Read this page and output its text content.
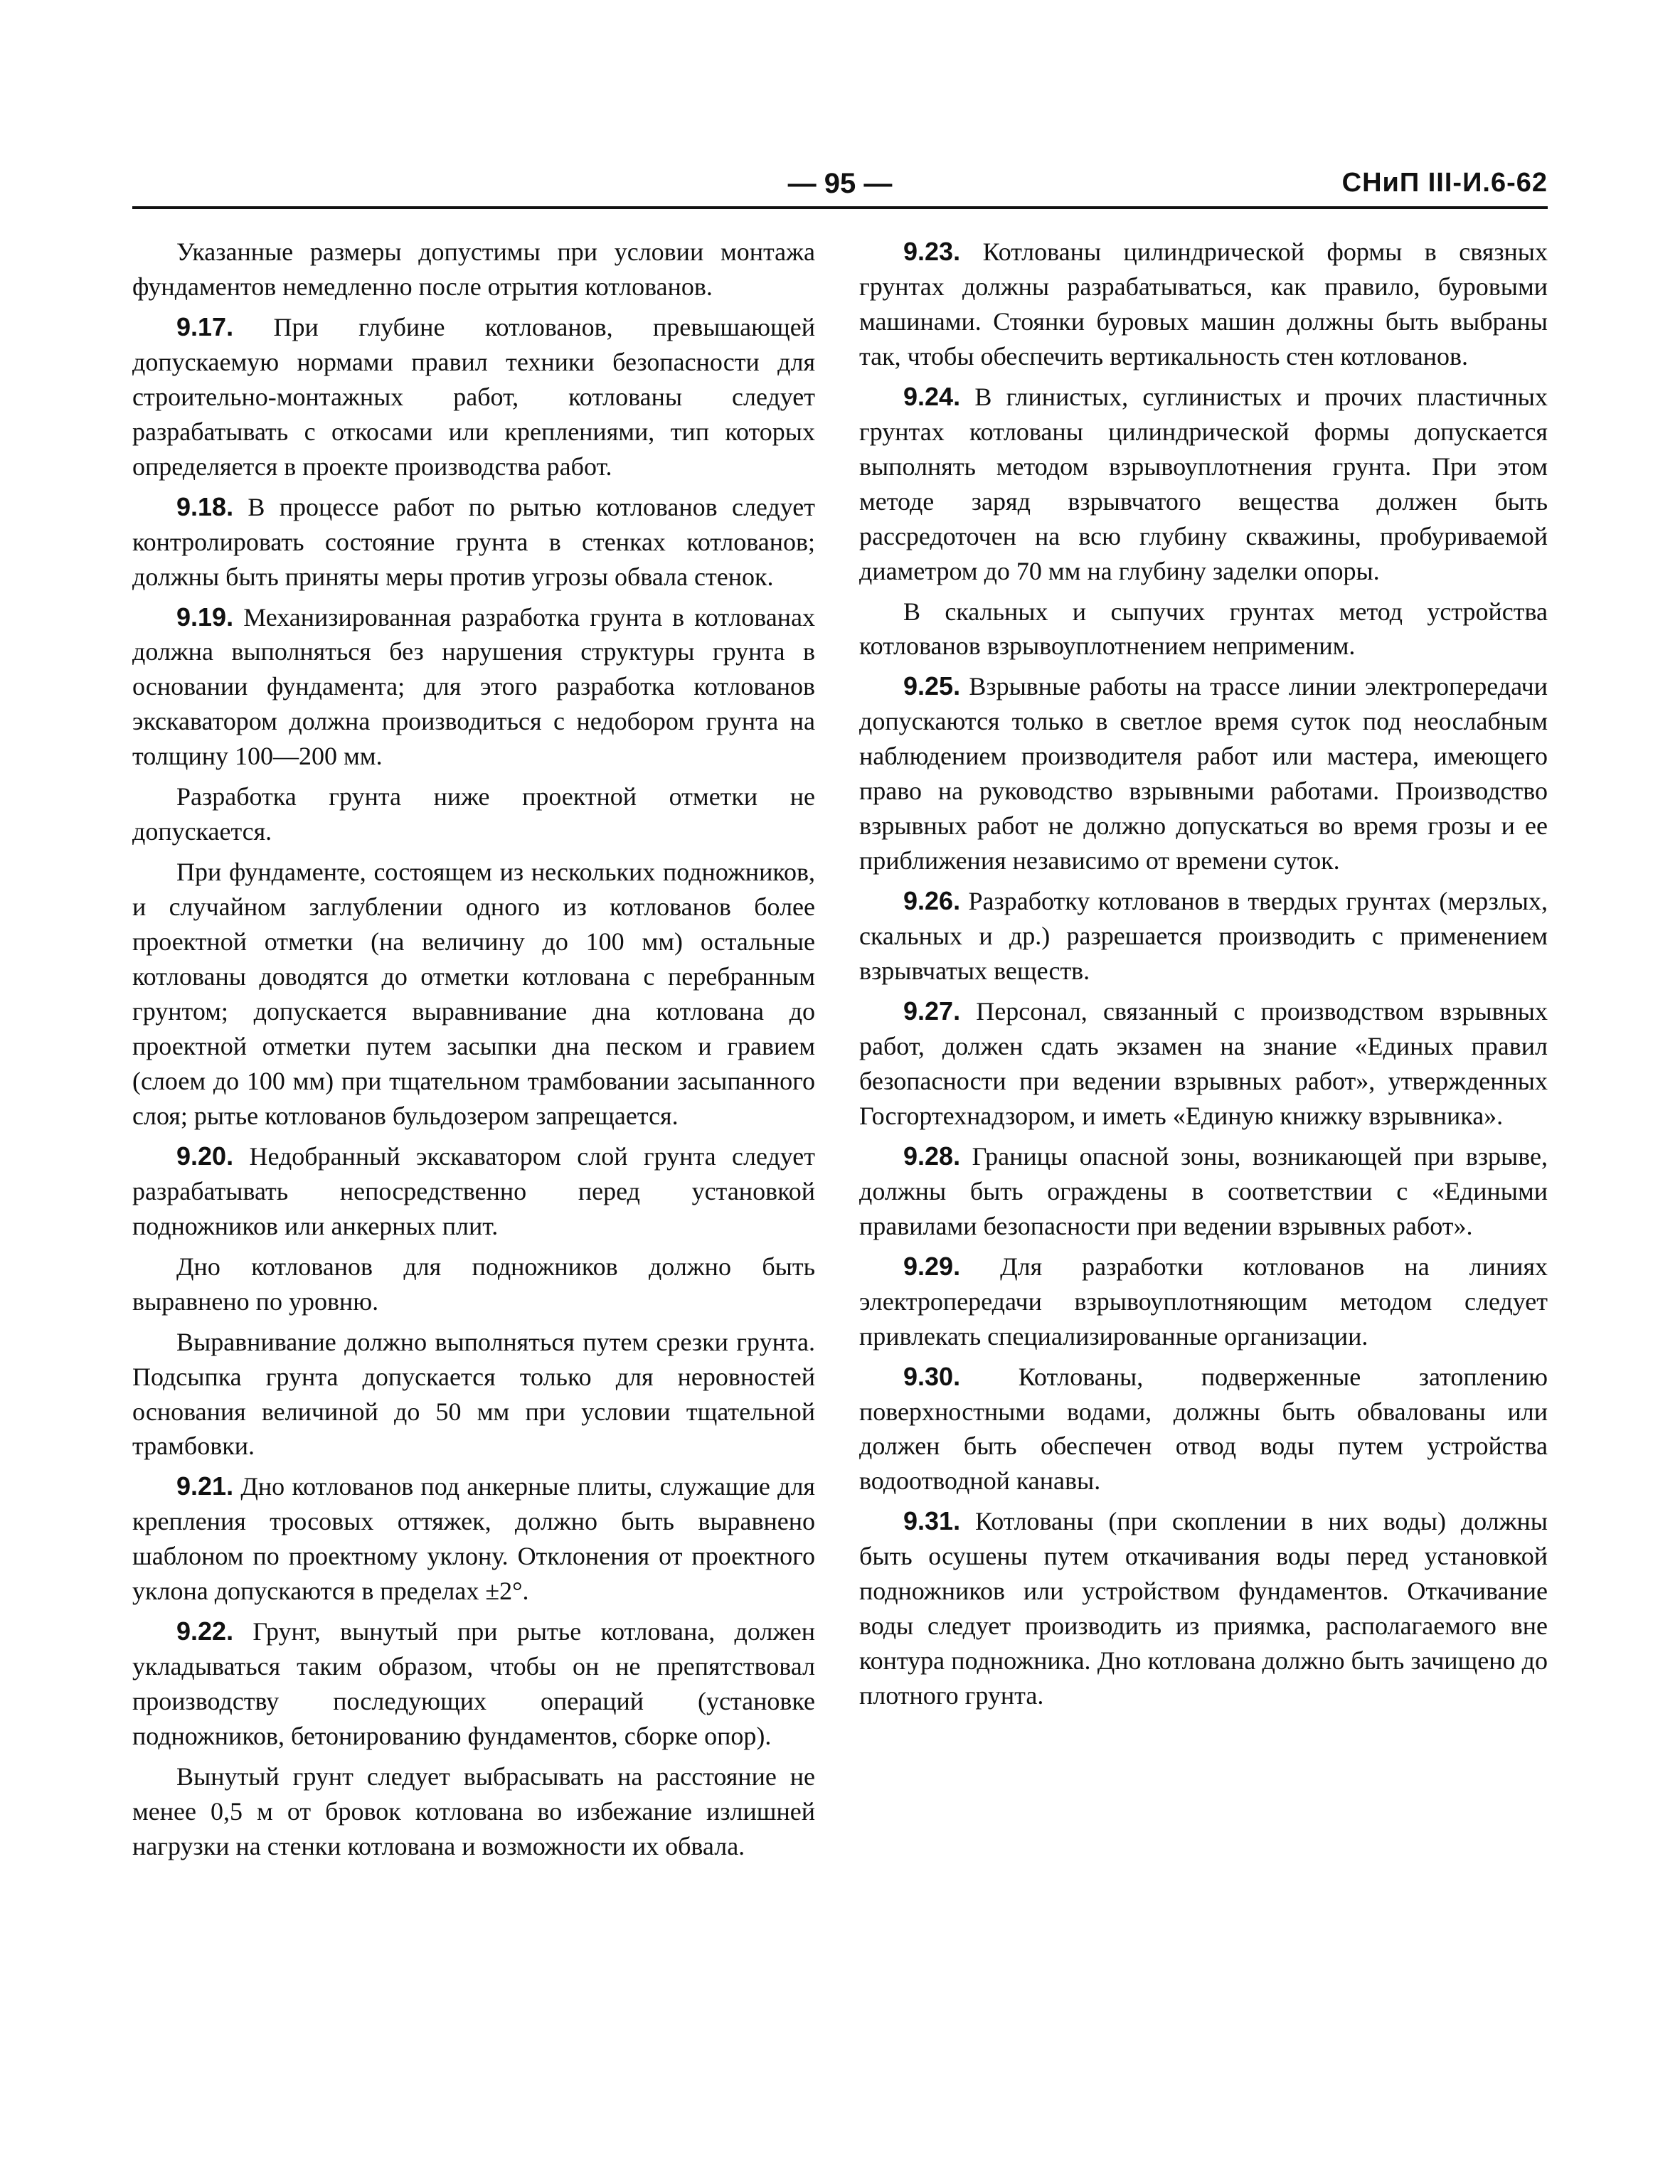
— 95 —	СНиП III-И.6-62

Указанные размеры допустимы при условии монтажа фундаментов немедленно после отрытия котлованов.

9.17. При глубине котлованов, превышающей допускаемую нормами правил техники безопасности для строительно-монтажных работ, котлованы следует разрабатывать с откосами или креплениями, тип которых определяется в проекте производства работ.

9.18. В процессе работ по рытью котлованов следует контролировать состояние грунта в стенках котлованов; должны быть приняты меры против угрозы обвала стенок.

9.19. Механизированная разработка грунта в котлованах должна выполняться без нарушения структуры грунта в основании фундамента; для этого разработка котлованов экскаватором должна производиться с недобором грунта на толщину 100—200 мм.

Разработка грунта ниже проектной отметки не допускается.

При фундаменте, состоящем из нескольких подножников, и случайном заглублении одного из котлованов более проектной отметки (на величину до 100 мм) остальные котлованы доводятся до отметки котлована с перебранным грунтом; допускается выравнивание дна котлована до проектной отметки путем засыпки дна песком и гравием (слоем до 100 мм) при тщательном трамбовании засыпанного слоя; рытье котлованов бульдозером запрещается.

9.20. Недобранный экскаватором слой грунта следует разрабатывать непосредственно перед установкой подножников или анкерных плит.

Дно котлованов для подножников должно быть выравнено по уровню.

Выравнивание должно выполняться путем срезки грунта. Подсыпка грунта допускается только для неровностей основания величиной до 50 мм при условии тщательной трамбовки.

9.21. Дно котлованов под анкерные плиты, служащие для крепления тросовых оттяжек, должно быть выравнено шаблоном по проектному уклону. Отклонения от проектного уклона допускаются в пределах ±2°.

9.22. Грунт, вынутый при рытье котлована, должен укладываться таким образом, чтобы он не препятствовал производству последующих операций (установке подножников, бетонированию фундаментов, сборке опор).

Вынутый грунт следует выбрасывать на расстояние не менее 0,5 м от бровок котлована во избежание излишней нагрузки на стенки котлована и возможности их обвала.

9.23. Котлованы цилиндрической формы в связных грунтах должны разрабатываться, как правило, буровыми машинами. Стоянки буровых машин должны быть выбраны так, чтобы обеспечить вертикальность стен котлованов.

9.24. В глинистых, суглинистых и прочих пластичных грунтах котлованы цилиндрической формы допускается выполнять методом взрывоуплотнения грунта. При этом методе заряд взрывчатого вещества должен быть рассредоточен на всю глубину скважины, пробуриваемой диаметром до 70 мм на глубину заделки опоры.

В скальных и сыпучих грунтах метод устройства котлованов взрывоуплотнением неприменим.

9.25. Взрывные работы на трассе линии электропередачи допускаются только в светлое время суток под неослабным наблюдением производителя работ или мастера, имеющего право на руководство взрывными работами. Производство взрывных работ не должно допускаться во время грозы и ее приближения независимо от времени суток.

9.26. Разработку котлованов в твердых грунтах (мерзлых, скальных и др.) разрешается производить с применением взрывчатых веществ.

9.27. Персонал, связанный с производством взрывных работ, должен сдать экзамен на знание «Единых правил безопасности при ведении взрывных работ», утвержденных Госгортехнадзором, и иметь «Единую книжку взрывника».

9.28. Границы опасной зоны, возникающей при взрыве, должны быть ограждены в соответствии с «Едиными правилами безопасности при ведении взрывных работ».

9.29. Для разработки котлованов на линиях электропередачи взрывоуплотняющим методом следует привлекать специализированные организации.

9.30. Котлованы, подверженные затоплению поверхностными водами, должны быть обвалованы или должен быть обеспечен отвод воды путем устройства водоотводной канавы.

9.31. Котлованы (при скоплении в них воды) должны быть осушены путем откачивания воды перед установкой подножников или устройством фундаментов. Откачивание воды следует производить из приямка, располагаемого вне контура подножника. Дно котлована должно быть зачищено до плотного грунта.
